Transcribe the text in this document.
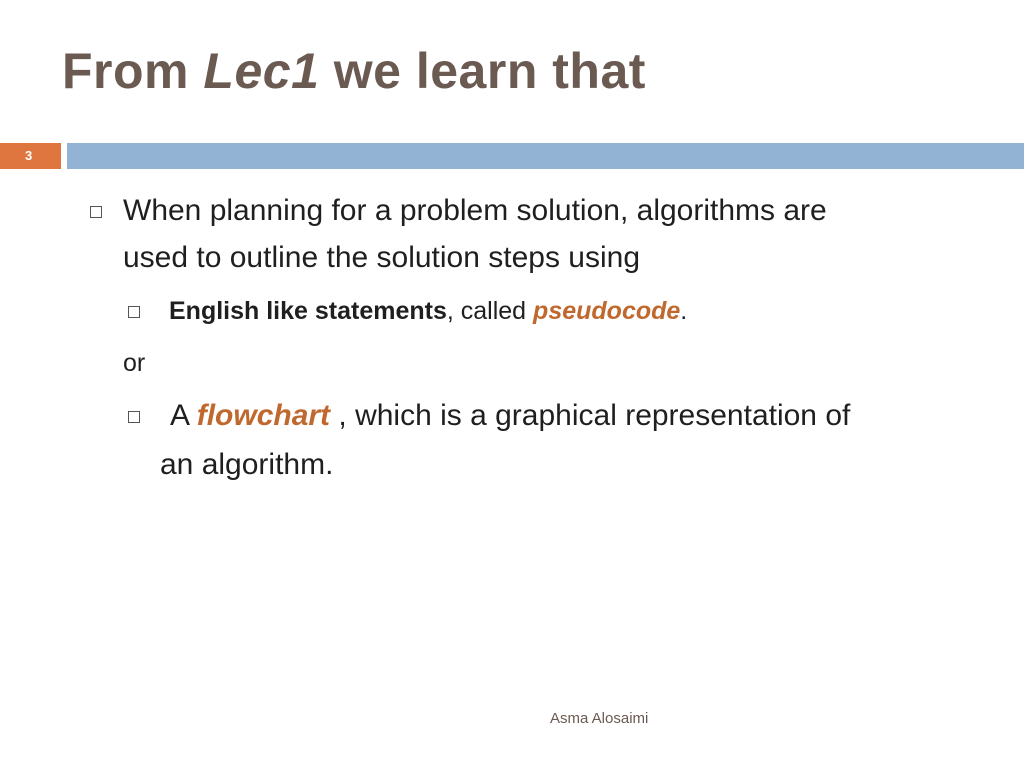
From Lec1 we learn that
3
When planning for a problem solution, algorithms are
used to outline the solution steps using
English like statements, called pseudocode.
or
A flowchart , which is a graphical representation of
an algorithm.
Asma Alosaimi
